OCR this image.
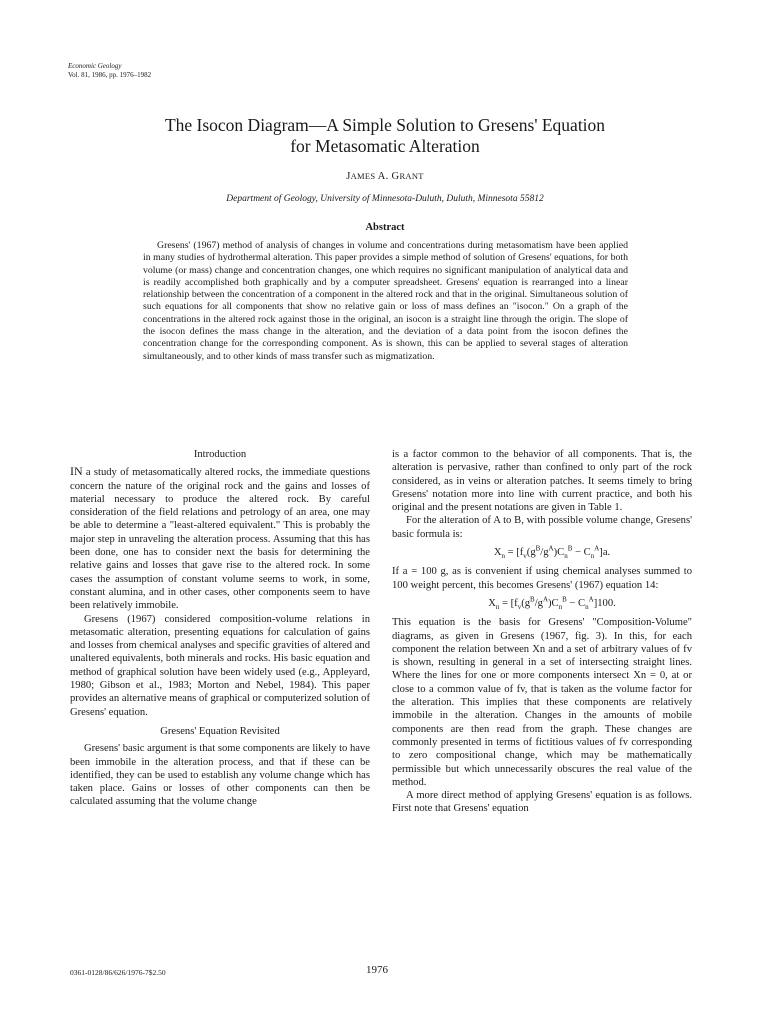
Economic Geology
Vol. 81, 1986, pp. 1976–1982
The Isocon Diagram—A Simple Solution to Gresens' Equation
for Metasomatic Alteration
JAMES A. GRANT
Department of Geology, University of Minnesota-Duluth, Duluth, Minnesota 55812
Abstract

Gresens' (1967) method of analysis of changes in volume and concentrations during metasomatism have been applied in many studies of hydrothermal alteration. This paper provides a simple method of solution of Gresens' equations, for both volume (or mass) change and concentration changes, one which requires no significant manipulation of analytical data and is readily accomplished both graphically and by a computer spreadsheet. Gresens' equation is rearranged into a linear relationship between the concentration of a component in the altered rock and that in the original. Simultaneous solution of such equations for all components that show no relative gain or loss of mass defines an "isocon." On a graph of the concentrations in the altered rock against those in the original, an isocon is a straight line through the origin. The slope of the isocon defines the mass change in the alteration, and the deviation of a data point from the isocon defines the concentration change for the corresponding component. As is shown, this can be applied to several stages of alteration simultaneously, and to other kinds of mass transfer such as migmatization.

Introduction

IN a study of metasomatically altered rocks, the immediate questions concern the nature of the original rock and the gains and losses of material necessary to produce the altered rock. By careful consideration of the field relations and petrology of an area, one may be able to determine a "least-altered equivalent." This is probably the major step in unraveling the alteration process. Assuming that this has been done, one has to consider next the basis for determining the relative gains and losses that gave rise to the altered rock. In some cases the assumption of constant volume seems to work, in some, constant alumina, and in other cases, other components seem to have been relatively immobile.

Gresens (1967) considered composition-volume relations in metasomatic alteration, presenting equations for calculation of gains and losses from chemical analyses and specific gravities of altered and unaltered equivalents, both minerals and rocks. His basic equation and method of graphical solution have been widely used (e.g., Appleyard, 1980; Gibson et al., 1983; Morton and Nebel, 1984). This paper provides an alternative means of graphical or computerized solution of Gresens' equation.

Gresens' Equation Revisited

Gresens' basic argument is that some components are likely to have been immobile in the alteration process, and that if these can be identified, they can be used to establish any volume change which has taken place. Gains or losses of other components can then be calculated assuming that the volume change

is a factor common to the behavior of all components. That is, the alteration is pervasive, rather than confined to only part of the rock considered, as in veins or alteration patches. It seems timely to bring Gresens' notation more into line with current practice, and both his original and the present notations are given in Table 1.

For the alteration of A to B, with possible volume change, Gresens' basic formula is:

$X_n = [f_v(g^B/g^A)C_n^B - C_n^A]a$.

If a = 100 g, as is convenient if using chemical analyses summed to 100 weight percent, this becomes Gresens' (1967) equation 14:

$X_n = [f_v(g^B/g^A)C_n^B - C_n^A]100$.

This equation is the basis for Gresens' "Composition-Volume" diagrams, as given in Gresens (1967, fig. 3). In this, for each component the relation between Xn and a set of arbitrary values of fv is shown, resulting in general in a set of intersecting straight lines. Where the lines for one or more components intersect Xn = 0, at or close to a common value of fv, that is taken as the volume factor for the alteration. This implies that these components are relatively immobile in the alteration. Changes in the amounts of mobile components are then read from the graph. These changes are commonly presented in terms of fictitious values of fv corresponding to zero compositional change, which may be mathematically permissible but which unnecessarily obscures the real value of the method.

A more direct method of applying Gresens' equation is as follows. First note that Gresens' equation

0361-0128/86/626/1976-7$2.50	1976
